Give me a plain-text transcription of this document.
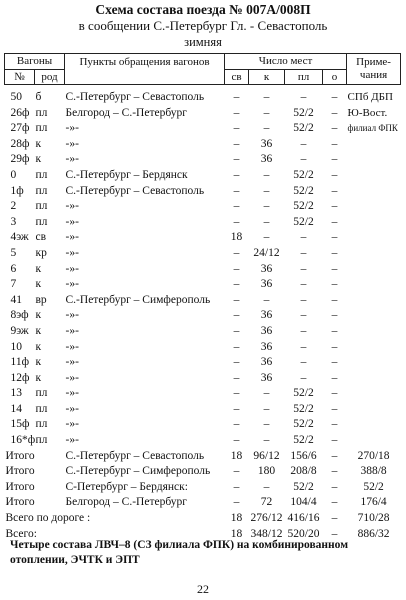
Схема состава поезда № 007А/008П
в сообщении С.-Петербург Гл. - Севастополь
зимняя
Вагоны		Пункты обращения вагонов	Число мест				Приме-чания
№	род		св	к	пл	о	
50	б	С.-Петербург – Севастополь	–	–	–	–	СПб ДБП
26ф	пл	Белгород – С.-Петербург	–	–	52/2	–	Ю-Вост.
27ф	пл	-»-	–	–	52/2	–	филиал ФПК
28ф	к	-»-	–	36	–	–	
29ф	к	-»-	–	36	–	–	
0	пл	С.-Петербург – Бердянск	–	–	52/2	–	
1ф	пл	С.-Петербург – Севастополь	–	–	52/2	–	
2	пл	-»-	–	–	52/2	–	
3	пл	-»-	–	–	52/2	–	
4эж	св	-»-	18	–	–	–	
5	кр	-»-	–	24/12	–	–	
6	к	-»-	–	36	–	–	
7	к	-»-	–	36	–	–	
41	вр	С.-Петербург – Симферополь	–	–	–	–	
8эф	к	-»-	–	36	–	–	
9эж	к	-»-	–	36	–	–	
10	к	-»-	–	36	–	–	
11ф	к	-»-	–	36	–	–	
12ф	к	-»-	–	36	–	–	
13	пл	-»-	–	–	52/2	–	
14	пл	-»-	–	–	52/2	–	
15ф	пл	-»-	–	–	52/2	–	
16*ф	пл	-»-	–	–	52/2	–	
Итого		С.-Петербург – Севастополь	18	96/12	156/6	–	270/18
Итого		С.-Петербург – Симферополь	–	180	208/8	–	388/8
Итого		С-Петербург – Бердянск:	–	–	52/2	–	52/2
Итого		Белгород – С.-Петербург	–	72	104/4	–	176/4
Всего по дороге :			18	276/12	416/16	–	710/28
Всего:			18	348/12	520/20	–	886/32
Четыре состава ЛВЧ–8 (СЗ филиала ФПК) на комбинированном
отоплении, ЭЧТК и ЭПТ
22
